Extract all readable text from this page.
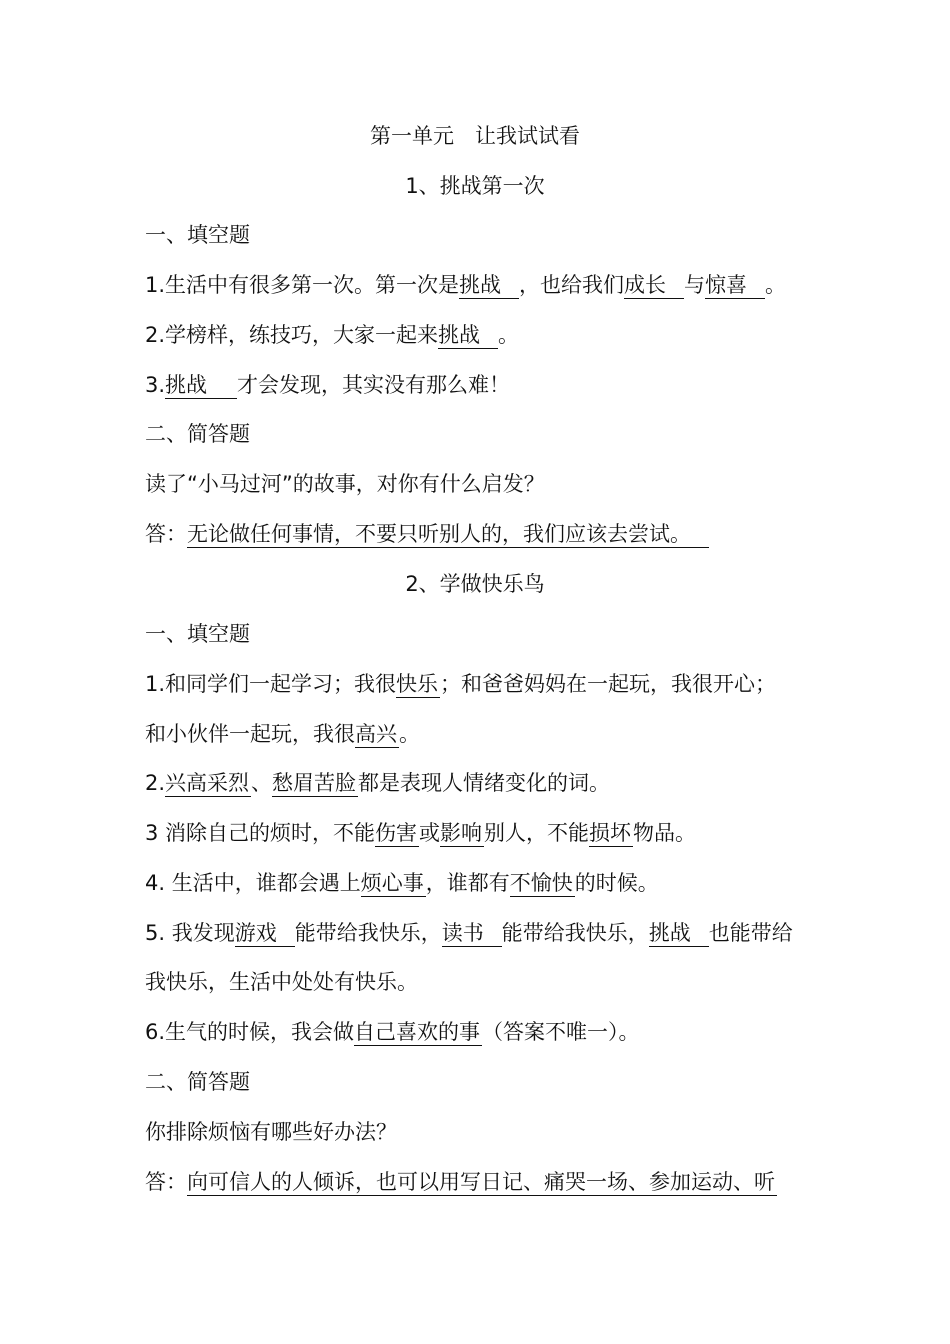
第一单元　让我试试看
1、挑战第一次
一、填空题
1.生活中有很多第一次。第一次是挑战 ，也给我们成长 与惊喜 。
2.学榜样，练技巧，大家一起来挑战 。
3.挑战 才会发现，其实没有那么难！
二、简答题
读了“小马过河”的故事，对你有什么启发？
答：无论做任何事情，不要只听别人的，我们应该去尝试。
2、学做快乐鸟
一、填空题
1.和同学们一起学习；我很快乐；和爸爸妈妈在一起玩，我很开心；
和小伙伴一起玩，我很高兴。
2.兴高采烈、愁眉苦脸都是表现人情绪变化的词。
3 消除自己的烦时，不能伤害或影响别人，不能损坏物品。
4. 生活中，谁都会遇上烦心事，谁都有不愉快的时候。
5. 我发现游戏 能带给我快乐，读书 能带给我快乐，挑战 也能带给
我快乐，生活中处处有快乐。
6.生气的时候，我会做自己喜欢的事（答案不唯一）。
二、简答题
你排除烦恼有哪些好办法？
答：向可信人的人倾诉，也可以用写日记、痛哭一场、参加运动、听
